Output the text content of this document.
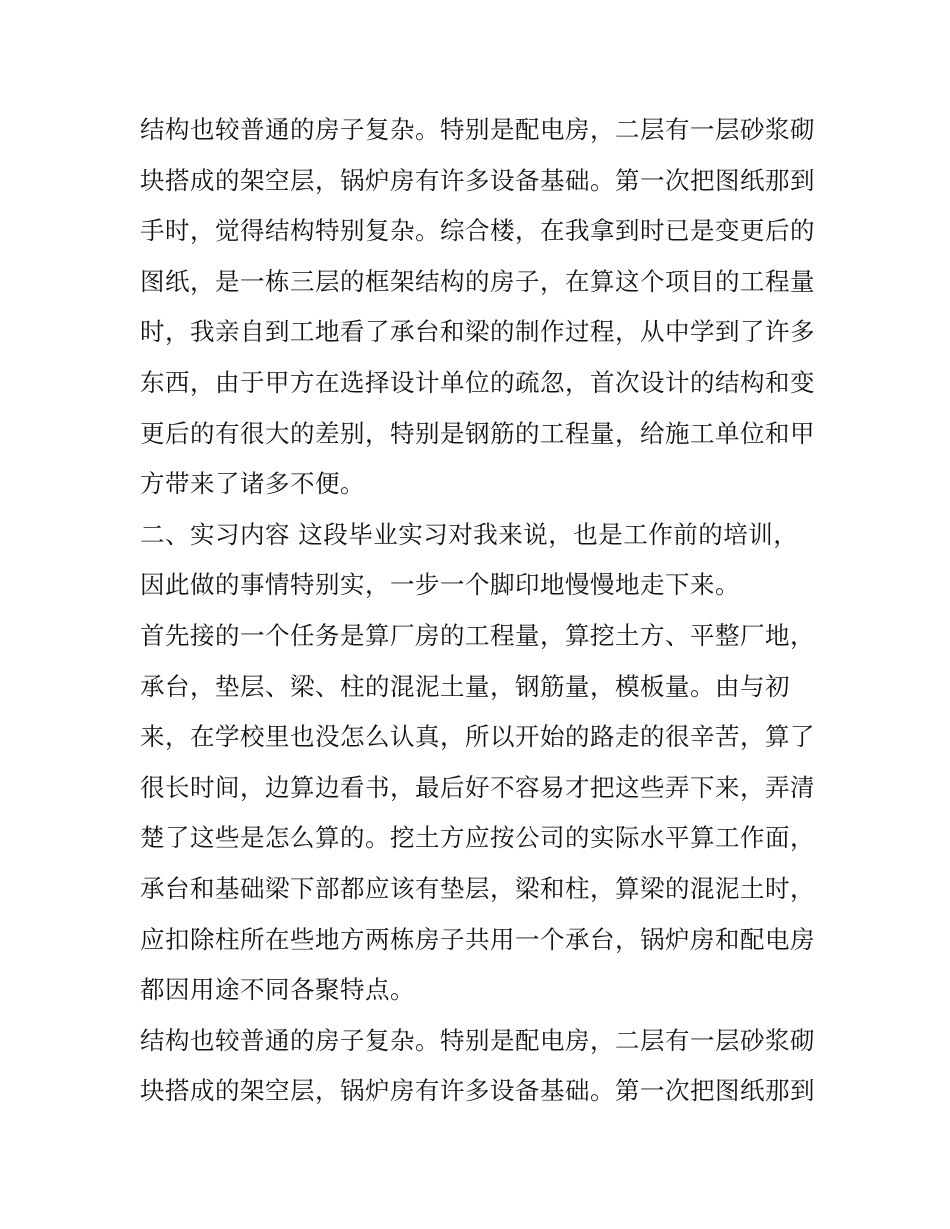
结构也较普通的房子复杂。特别是配电房，二层有一层砂浆砌
块搭成的架空层，锅炉房有许多设备基础。第一次把图纸那到
手时，觉得结构特别复杂。综合楼，在我拿到时已是变更后的
图纸，是一栋三层的框架结构的房子，在算这个项目的工程量
时，我亲自到工地看了承台和梁的制作过程，从中学到了许多
东西，由于甲方在选择设计单位的疏忽，首次设计的结构和变
更后的有很大的差别，特别是钢筋的工程量，给施工单位和甲
方带来了诸多不便。
二、实习内容 这段毕业实习对我来说，也是工作前的培训，
因此做的事情特别实，一步一个脚印地慢慢地走下来。
首先接的一个任务是算厂房的工程量，算挖土方、平整厂地，
承台，垫层、梁、柱的混泥土量，钢筋量，模板量。由与初
来，在学校里也没怎么认真，所以开始的路走的很辛苦，算了
很长时间，边算边看书，最后好不容易才把这些弄下来，弄清
楚了这些是怎么算的。挖土方应按公司的实际水平算工作面，
承台和基础梁下部都应该有垫层，梁和柱，算梁的混泥土时，
应扣除柱所在些地方两栋房子共用一个承台，锅炉房和配电房
都因用途不同各聚特点。
结构也较普通的房子复杂。特别是配电房，二层有一层砂浆砌
块搭成的架空层，锅炉房有许多设备基础。第一次把图纸那到
